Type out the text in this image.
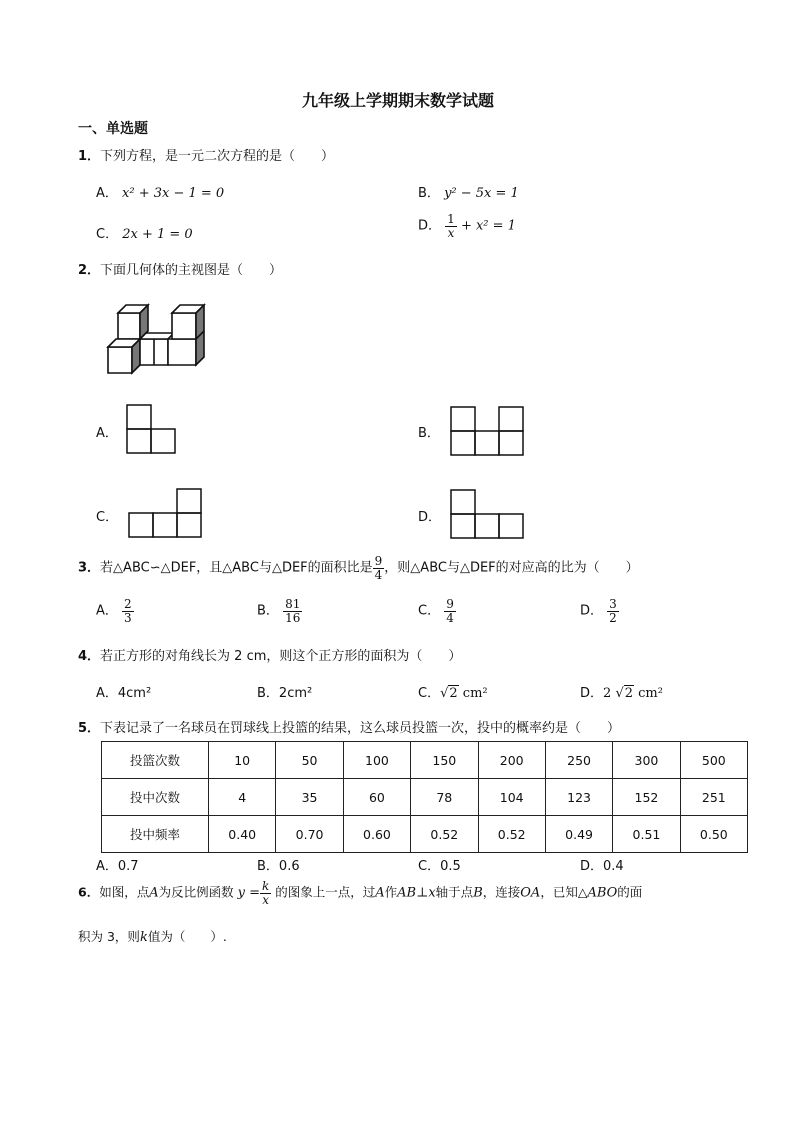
九年级上学期期末数学试题
一、单选题
1．下列方程，是一元二次方程的是（　　）
A． x² + 3x − 1 = 0	B． y² − 5x = 1
C． 2x + 1 = 0
D． $\frac{1}{x} + x^2 = 1$
2．下面几何体的主视图是（　　）
A．	B．
C．	D．
3．若△ABC∽△DEF，且△ABC与△DEF的面积比是 $\frac{9}{4}$ ，则△ABC与△DEF的对应高的比为（　　）
A． $\frac{2}{3}$	B． $\frac{81}{16}$	C． $\frac{9}{4}$	D． $\frac{3}{2}$
4．若正方形的对角线长为 2 cm，则这个正方形的面积为（　　）
A．4cm²	B．2cm²	C．√2 cm²	D．2 √2 cm²
5．下表记录了一名球员在罚球线上投篮的结果，这么球员投篮一次，投中的概率约是（　　）
投篮次数	10	50	100	150	200	250	300	500
投中次数	4	35	60	78	104	123	152	251
投中频率	0.40	0.70	0.60	0.52	0.52	0.49	0.51	0.50
A．0.7	B．0.6	C．0.5	D．0.4
6．如图，点A为反比例函数 $y = \frac{k}{x}$ 的图象上一点，过A作AB⊥x轴于点B，连接OA，已知△ABO的面
积为 3，则k值为（　　）.
